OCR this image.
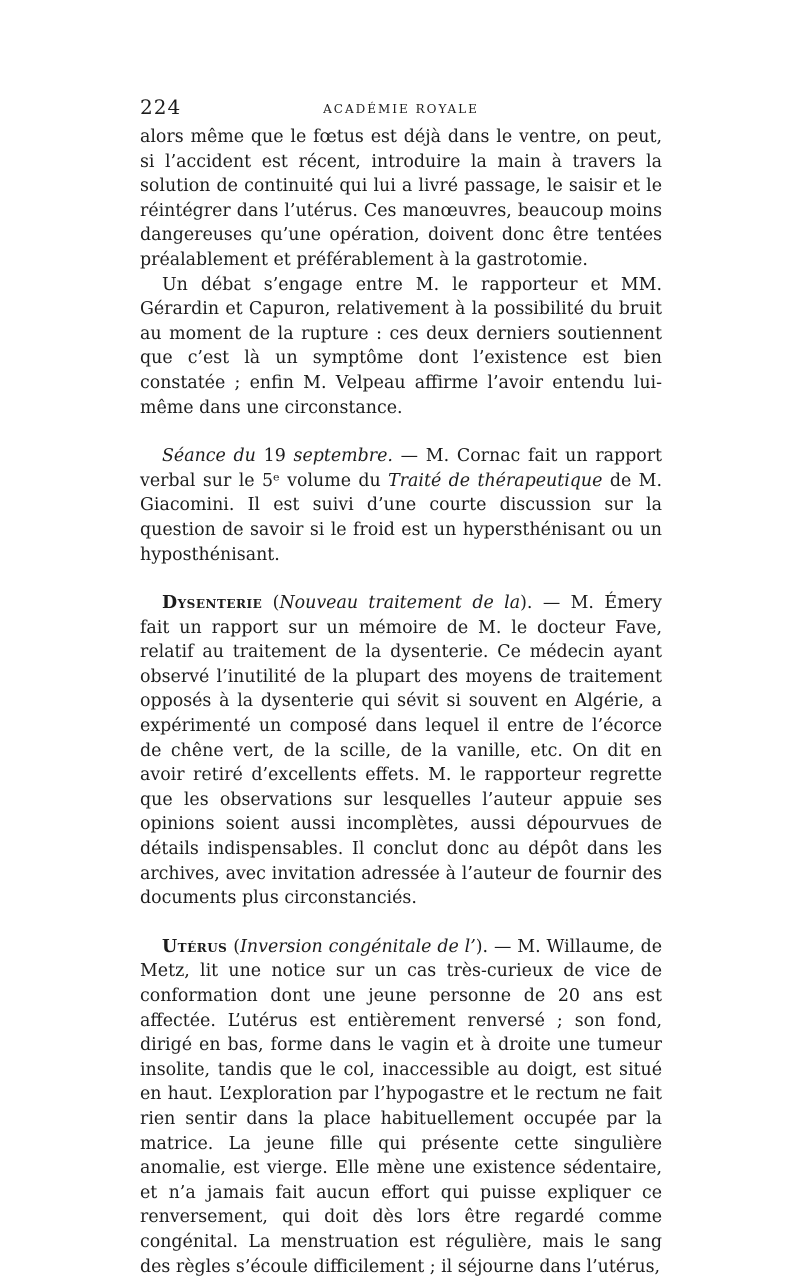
224	ACADÉMIE ROYALE

alors même que le fœtus est déjà dans le ventre, on peut, si l’accident est récent, introduire la main à travers la solution de continuité qui lui a livré passage, le saisir et le réintégrer dans l’utérus. Ces manœuvres, beaucoup moins dangereuses qu’une opération, doivent donc être tentées préalablement et préférablement à la gastrotomie.

Un débat s’engage entre M. le rapporteur et MM. Gérardin et Capuron, relativement à la possibilité du bruit au moment de la rupture : ces deux derniers soutiennent que c’est là un symptôme dont l’existence est bien constatée ; enfin M. Velpeau affirme l’avoir entendu lui-même dans une circonstance.

Séance du 19 septembre. — M. Cornac fait un rapport verbal sur le 5ᵉ volume du Traité de thérapeutique de M. Giacomini. Il est suivi d’une courte discussion sur la question de savoir si le froid est un hypersthénisant ou un hyposthénisant.

Dysenterie (Nouveau traitement de la). — M. Émery fait un rapport sur un mémoire de M. le docteur Fave, relatif au traitement de la dysenterie. Ce médecin ayant observé l’inutilité de la plupart des moyens de traitement opposés à la dysenterie qui sévit si souvent en Algérie, a expérimenté un composé dans lequel il entre de l’écorce de chêne vert, de la scille, de la vanille, etc. On dit en avoir retiré d’excellents effets. M. le rapporteur regrette que les observations sur lesquelles l’auteur appuie ses opinions soient aussi incomplètes, aussi dépourvues de détails indispensables. Il conclut donc au dépôt dans les archives, avec invitation adressée à l’auteur de fournir des documents plus circonstanciés.

Utérus (Inversion congénitale de l’). — M. Willaume, de Metz, lit une notice sur un cas très-curieux de vice de conformation dont une jeune personne de 20 ans est affectée. L’utérus est entièrement renversé ; son fond, dirigé en bas, forme dans le vagin et à droite une tumeur insolite, tandis que le col, inaccessible au doigt, est situé en haut. L’exploration par l’hypogastre et le rectum ne fait rien sentir dans la place habituellement occupée par la matrice. La jeune fille qui présente cette singulière anomalie, est vierge. Elle mène une existence sédentaire, et n’a jamais fait aucun effort qui puisse expliquer ce renversement, qui doit dès lors être regardé comme congénital. La menstruation est régulière, mais le sang des règles s’écoule difficilement ; il séjourne dans l’utérus,
